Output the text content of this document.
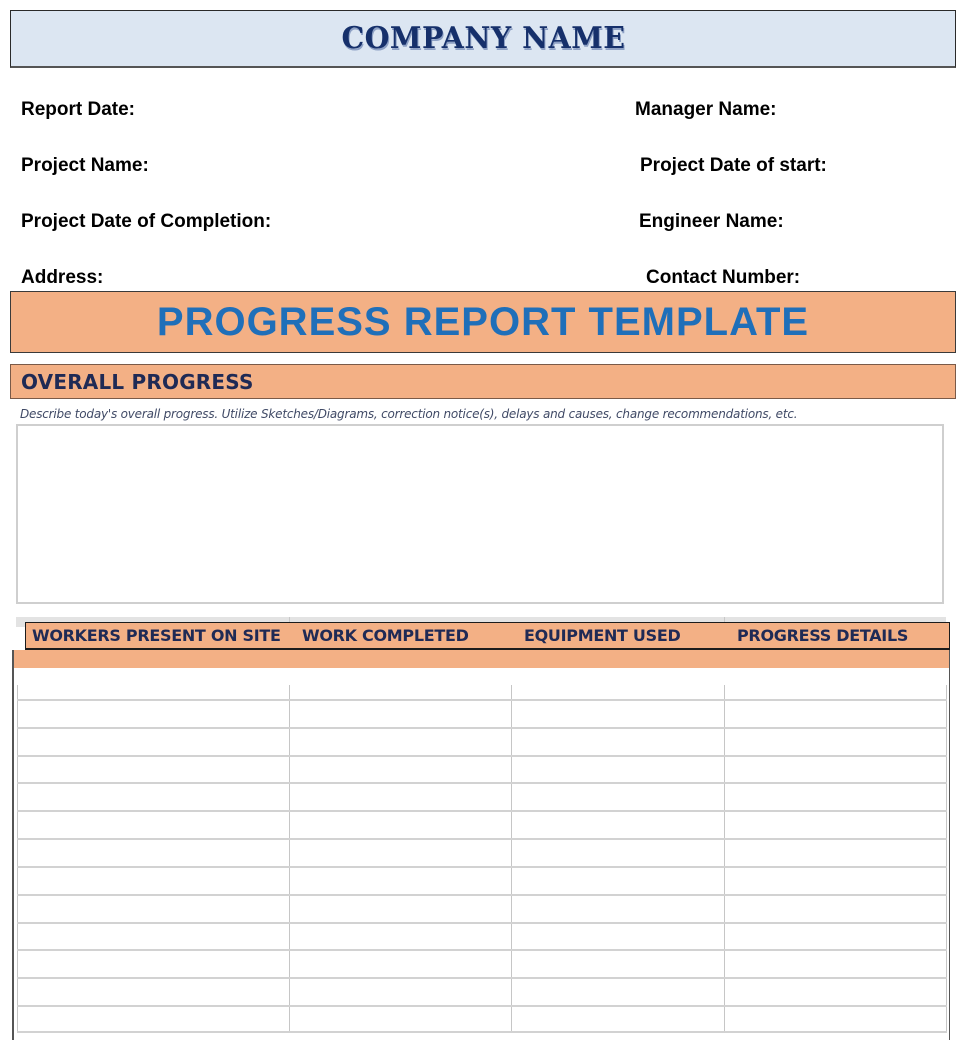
COMPANY NAME
Report Date:
Project Name:
Project Date of Completion:
Address:
Manager Name:
Project Date of start:
Engineer Name:
Contact Number:
PROGRESS REPORT TEMPLATE
OVERALL PROGRESS
Describe today's overall progress. Utilize Sketches/Diagrams, correction notice(s), delays and causes, change recommendations, etc.
WORKERS PRESENT ON SITE WORK COMPLETED	EQUIPMENT USED	PROGRESS DETAILS
